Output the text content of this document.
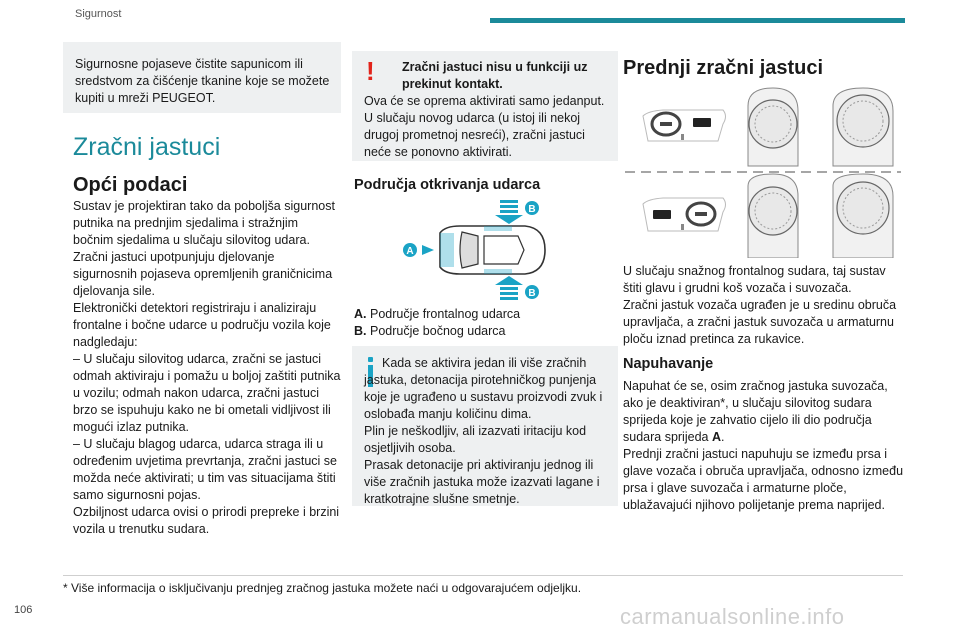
Sigurnost

Sigurnosne pojaseve čistite sapunicom ili sredstvom za čišćenje tkanine koje se možete kupiti u mreži PEUGEOT.

Zračni jastuci
Opći podaci

Sustav je projektiran tako da poboljša sigurnost putnika na prednjim sjedalima i stražnjim bočnim sjedalima u slučaju silovitog udara. Zračni jastuci upotpunjuju djelovanje sigurnosnih pojaseva opremljenih graničnicima djelovanja sile.
Elektronički detektori registriraju i analiziraju frontalne i bočne udarce u području vozila koje nadgledaju:
– U slučaju silovitog udarca, zračni se jastuci odmah aktiviraju i pomažu u boljoj zaštiti putnika u vozilu; odmah nakon udarca, zračni jastuci brzo se ispuhuju kako ne bi ometali vidljivost ili mogući izlaz putnika.
– U slučaju blagog udarca, udarca straga ili u određenim uvjetima prevrtanja, zračni jastuci se možda neće aktivirati; u tim vas situacijama štiti samo sigurnosni pojas.
Ozbiljnost udarca ovisi o prirodi prepreke i brzini vozila u trenutku sudara.

! Zračni jastuci nisu u funkciji uz prekinut kontakt.

Ova će se oprema aktivirati samo jedanput. U slučaju novog udarca (u istoj ili nekoj drugoj prometnoj nesreći), zračni jastuci neće se ponovno aktivirati.

Područja otkrivanja udarca
B
A
B
A. Područje frontalnog udarca
B. Područje bočnog udarca

Kada se aktivira jedan ili više zračnih jastuka, detonacija pirotehničkog punjenja koje je ugrađeno u sustavu proizvodi zvuk i oslobađa manju količinu dima.
Plin je neškodljiv, ali izazvati iritaciju kod osjetljivih osoba.
Prasak detonacije pri aktiviranju jednog ili više zračnih jastuka može izazvati lagane i kratkotrajne slušne smetnje.

Prednji zračni jastuci

U slučaju snažnog frontalnog sudara, taj sustav štiti glavu i grudni koš vozača i suvozača.
Zračni jastuk vozača ugrađen je u sredinu obruča upravljača, a zračni jastuk suvozača u armaturnu ploču iznad pretinca za rukavice.

Napuhavanje

Napuhat će se, osim zračnog jastuka suvozača, ako je deaktiviran*, u slučaju silovitog sudara sprijeda koje je zahvatio cijelo ili dio područja sudara sprijeda A.
Prednji zračni jastuci napuhuju se između prsa i glave vozača i obruča upravljača, odnosno između prsa i glave suvozača i armaturne ploče, ublažavajući njihovo polijetanje prema naprijed.

* Više informacija o isključivanju prednjeg zračnog jastuka možete naći u odgovarajućem odjeljku.

106	carmanualsonline.info
